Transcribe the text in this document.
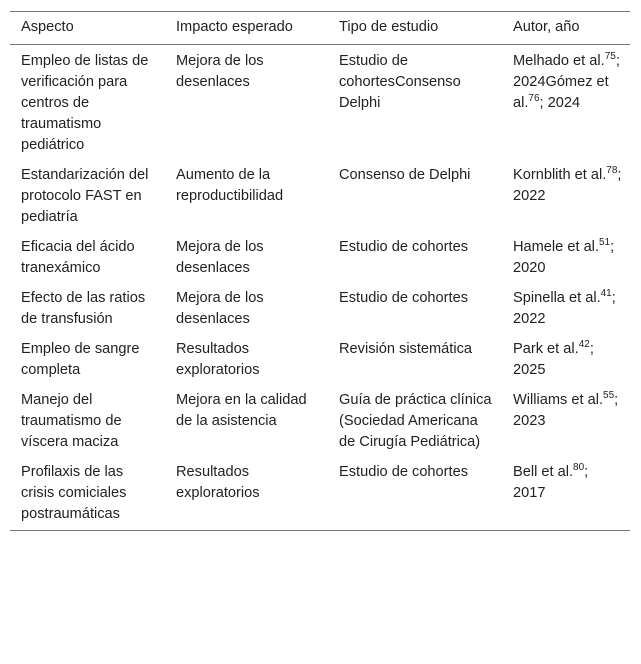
Aspecto	Impacto esperado	Tipo de estudio	Autor, año
Empleo de listas de verificación para centros de traumatismo pediátrico	Mejora de los desenlaces	Estudio de cohortesConsenso Delphi	Melhado et al.$^{75}$; 2024Gómez et al.$^{76}$; 2024
Estandarización del protocolo FAST en pediatría	Aumento de la reproductibilidad	Consenso de Delphi	Kornblith et al.$^{78}$; 2022
Eficacia del ácido tranexámico	Mejora de los desenlaces	Estudio de cohortes	Hamele et al.$^{51}$; 2020
Efecto de las ratios de transfusión	Mejora de los desenlaces	Estudio de cohortes	Spinella et al.$^{41}$; 2022
Empleo de sangre completa	Resultados exploratorios	Revisión sistemática	Park et al.$^{42}$; 2025
Manejo del traumatismo de víscera maciza	Mejora en la calidad de la asistencia	Guía de práctica clínica (Sociedad Americana de Cirugía Pediátrica)	Williams et al.$^{55}$; 2023
Profilaxis de las crisis comiciales postraumáticas	Resultados exploratorios	Estudio de cohortes	Bell et al.$^{80}$; 2017
